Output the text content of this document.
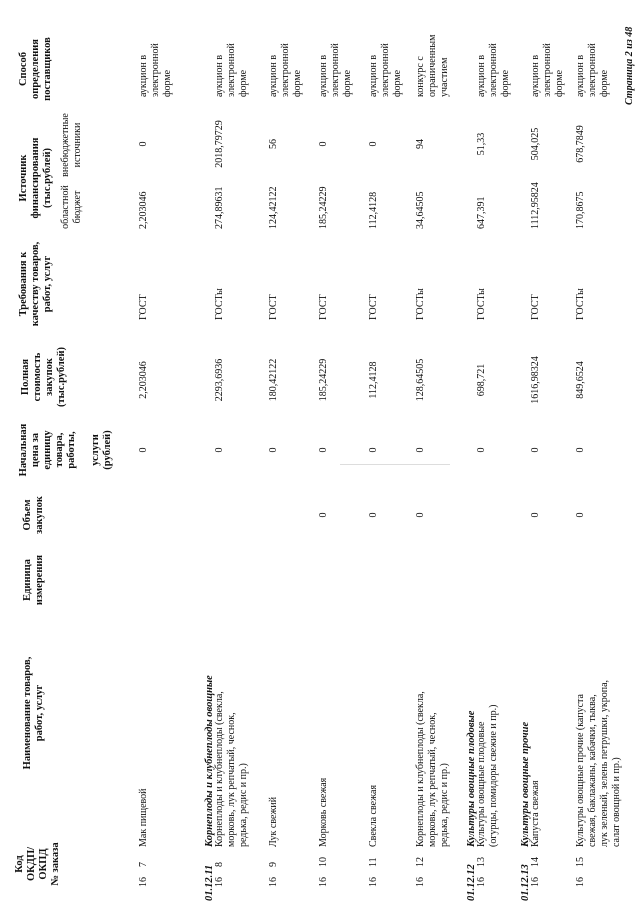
Код
ОКДП/
ОКПД
№ заказа
Наименование товаров,
работ, услуг
Единица
измерения
Объем
закупок
Начальная
цена за
единицу
товара,
работы,

услуги
(рублей)
Полная
стоимость
закупок
(тыс.рублей)
Требования к
качеству товаров,
работ, услуг
Источник
финансирования
(тыс.рублей) областной
бюджет
внебюджетные
источники
Способ
определения
поставщиков
16
7
Мак пищевой
0
2,203046
ГОСТ
2,203046
0
аукцион в
электронной
форме
01.12.11
Корнеплоды и клубнеплоды овощные
16
8
Корнеплоды и клубнеплоды (свекла,
морковь, лук репчатый, чеснок,
редька, редис и пр.)
0
2293,6936
ГОСТы
274,89631
2018,79729
аукцион в
электронной
форме
16
9
Лук свежий
0
180,42122
ГОСТ
124,42122
56
аукцион в
электронной
форме
16
10
Морковь свежая
0
0
185,24229
ГОСТ
185,24229
0
аукцион в
электронной
форме
16
11
Свекла свежая
0
0
112,4128
ГОСТ
112,4128
0
аукцион в
электронной
форме
16
12
Корнеплоды и клубнеплоды (свекла,
морковь, лук репчатый, чеснок,
редька, редис и пр.)
0
0
128,64505
ГОСТы
34,64505
94
конкурс с
ограниченным
участием
01.12.12
Культуры овощные плодовые
16
13
Культуры овощные плодовые
(огурцы, помидоры свежие и пр.)
0
698,721
ГОСТы
647,391
51,33
аукцион в
электронной
форме
01.12.13
Культуры овощные прочие
16
14
Капуста свежая
0
0
1616,98324
ГОСТ
1112,95824
504,025
аукцион в
электронной
форме
16
15
Культуры овощные прочие (капуста
свежая, баклажаны, кабачки, тыква,
лук зеленый, зелень петрушки, укропа,
салат овощной и пр.)
0
0
849,6524
ГОСТы
170,8675
678,7849
аукцион в
электронной
форме Страница 2 из 48
